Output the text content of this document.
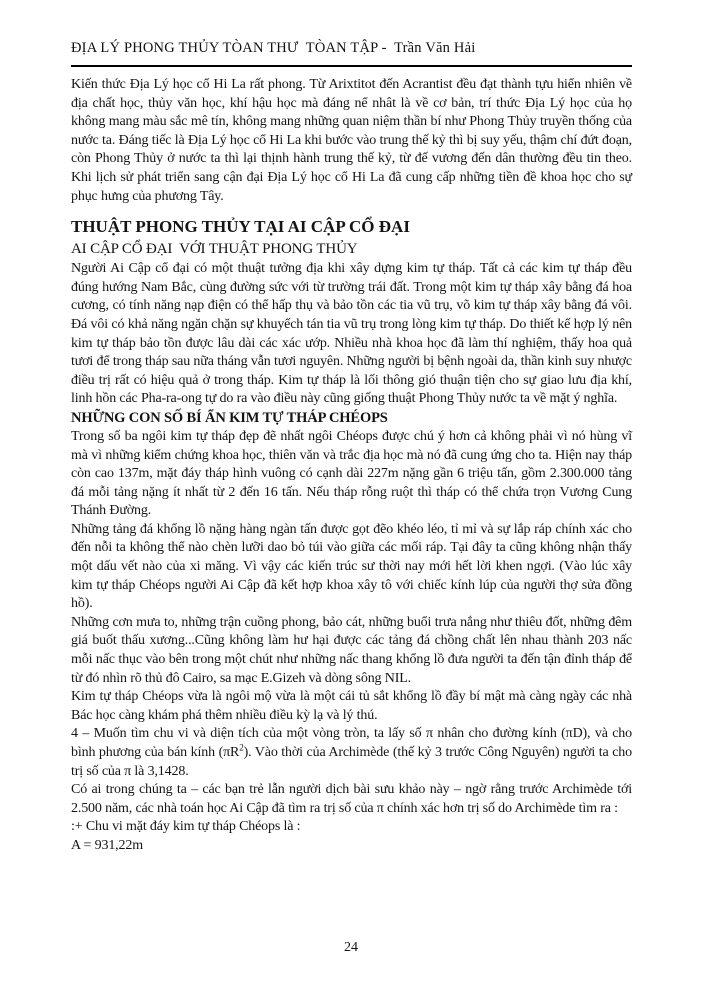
ĐỊA LÝ PHONG THỦY TÒAN THƯ  TÒAN TẬP -  Trần Văn Hải

Kiến thức Địa Lý học cổ Hi La rất phong. Từ Arixtitot đến Acrantist đều đạt thành tựu hiển nhiên về địa chất học, thủy văn học, khí hậu học mà đáng nể nhât là về cơ bản, trí thức Địa Lý học của họ không mang màu sắc mê tín, không mang những quan niệm thần bí như Phong Thủy truyền thống của nước ta. Đáng tiếc là Địa Lý học cổ Hi La khi bước vào trung thế kỷ thì bị suy yếu, thậm chí đứt đoạn, còn Phong Thủy ở nước ta thì lại thịnh hành trung thế kỷ, từ đế vương đến dân thường đều tin theo. Khi lịch sử phát triển sang cận đại Địa Lý học cổ Hi La đã cung cấp những tiền đề khoa học cho sự phục hưng của phương Tây.

THUẬT PHONG THỦY TẠI AI CẬP CỔ ĐẠI
AI CẬP CỔ ĐẠI  VỚI THUẬT PHONG THỦY

Người Ai Cập cổ đại có một thuật tưởng địa khi xây dựng kim tự tháp. Tất cả các kim tự tháp đều đúng hướng Nam Bắc, cùng đường sức với từ trường trái đất. Trong một kim tự tháp xây bằng đá hoa cương, có tính năng nạp điện có thể hấp thụ và bảo tồn các tia vũ trụ, võ kim tự tháp xây bằng đá vôi. Đá vôi có khả năng ngăn chặn sự khuyếch tán tia vũ trụ trong lòng kim tự tháp. Do thiết kế hợp lý nên kim tự tháp bảo tồn được lâu dài các xác ướp. Nhiều nhà khoa học đã làm thí nghiệm, thấy hoa quả tươi để trong tháp sau nữa tháng vẫn tươi nguyên. Những người bị bệnh ngoài da, thần kinh suy nhược điều trị rất có hiệu quả ở trong tháp. Kim tự tháp là lối thông gió thuận tiện cho sự giao lưu địa khí, linh hồn các Pha-ra-ong tự do ra vào điều này cũng giống thuật Phong Thủy nước ta về mặt ý nghĩa.

NHỮNG CON SỐ BÍ ẨN KIM TỰ THÁP CHÉOPS

Trong số ba ngôi kim tự tháp đẹp đẽ nhất ngôi Chéops được chú ý hơn cả không phải vì nó hùng vĩ mà vì những kiểm chứng khoa học, thiên văn và trắc địa học mà nó đã cung ứng cho ta. Hiện nay tháp còn cao 137m, mặt đáy tháp hình vuông có cạnh dài 227m nặng gần 6 triệu tấn, gồm 2.300.000 tảng đá mỗi tảng nặng ít nhất từ 2 đến 16 tấn. Nếu tháp rỗng ruột thì tháp có thể chứa trọn Vương Cung Thánh Đường.

Những tảng đá khổng lồ nặng hàng ngàn tấn được gọt đẽo khéo léo, tỉ mỉ và sự lắp ráp chính xác cho đến nỗi ta không thể nào chèn lưỡi dao bỏ túi vào giữa các mối ráp. Tại đây ta cũng không nhận thấy một dấu vết nào của xi măng. Vì vậy các kiến trúc sư thời nay mới hết lời khen ngợi. (Vào lúc xây kim tự tháp Chéops người Ai Cập đã kết hợp khoa xây tô với chiếc kính lúp của người thợ sửa đồng hồ).

Những cơn mưa to, những trận cuồng phong, bảo cát, những buổi trưa nắng như thiêu đốt, những đêm giá buốt thấu xương...Cũng không làm hư hại được các tảng đá chồng chất lên nhau thành 203 nấc mỗi nấc thục vào bên trong một chút như những nấc thang khổng lồ đưa người ta đến tận đỉnh tháp để từ đó nhìn rõ thủ đô Cairo, sa mạc E.Gizeh và dòng sông NIL.

Kim tự tháp Chéops vừa là ngôi mộ vừa là một cái tủ sắt khổng lồ đầy bí mật mà càng ngày các nhà Bác học càng khám phá thêm nhiều điều kỳ lạ và lý thú.

4 – Muốn tìm chu vi và diện tích của một vòng tròn, ta lấy số π nhân cho đường kính (πD), và cho bình phương của bán kính $(\pi R^2)$. Vào thời của Archimède (thế kỷ 3 trước Công Nguyên) người ta cho trị số của π là 3,1428.

Có ai trong chúng ta – các bạn trẻ lẫn người dịch bài sưu khảo này – ngờ rằng trước Archimède tới 2.500 năm, các nhà toán học Ai Cập đã tìm ra trị số của π chính xác hơn trị số do Archimède tìm ra :

:+ Chu vi mặt đáy kim tự tháp Chéops là :

A = 931,22m

24
